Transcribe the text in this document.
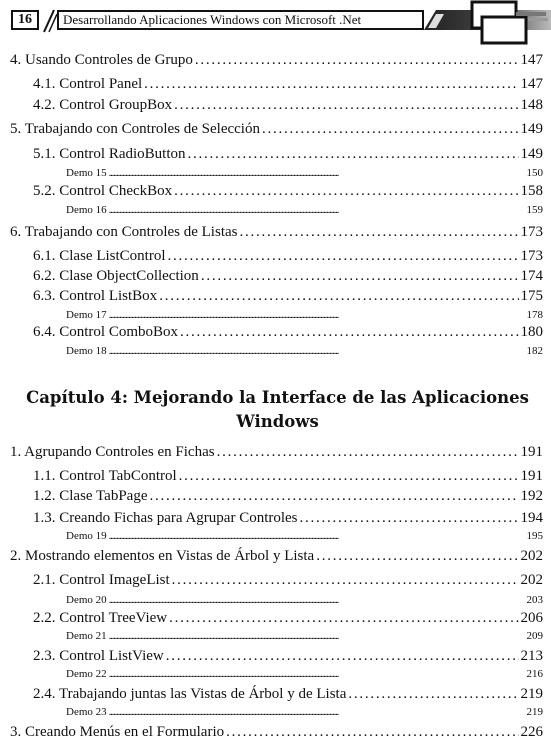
16	Desarrollando Aplicaciones Windows con Microsoft .Net
4. Usando Controles de Grupo . . .	147
4.1. Control Panel . . .	147
4.2. Control GroupBox . . .	148
5. Trabajando con Controles de Selección . . .	149
5.1. Control RadioButton . . .	149
Demo 15 . . .	150
5.2. Control CheckBox . . .	158
Demo 16 . . .	159
6. Trabajando con Controles de Listas . . .	173
6.1. Clase ListControl . . .	173
6.2. Clase ObjectCollection . . .	174
6.3. Control ListBox . . .	175
Demo 17 . . .	178
6.4. Control ComboBox . . .	180
Demo 18 . . .	182
Capítulo 4: Mejorando la Interface de las Aplicaciones Windows
1. Agrupando Controles en Fichas . . .	191
1.1. Control TabControl . . .	191
1.2. Clase TabPage . . .	192
1.3. Creando Fichas para Agrupar Controles . . .	194
Demo 19 . . .	195
2. Mostrando elementos en Vistas de Árbol y Lista . . .	202
2.1. Control ImageList . . .	202
Demo 20 . . .	203
2.2. Control TreeView . . .	206
Demo 21 . . .	209
2.3. Control ListView . . .	213
Demo 22 . . .	216
2.4. Trabajando juntas las Vistas de Árbol y de Lista . . .	219
Demo 23 . . .	219
3. Creando Menús en el Formulario . . .	226
